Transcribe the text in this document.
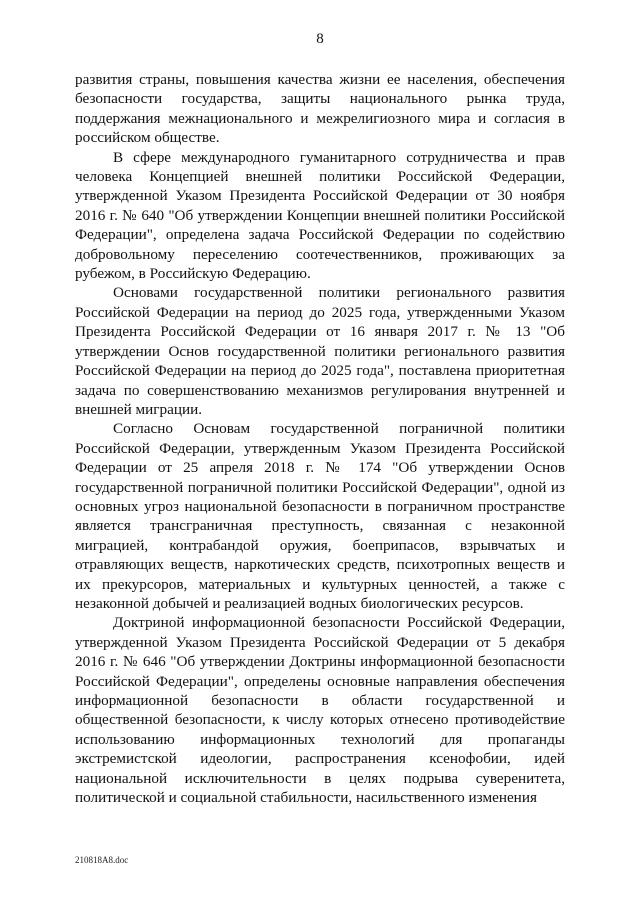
8

развития страны, повышения качества жизни ее населения, обеспечения безопасности государства, защиты национального рынка труда, поддержания межнационального и межрелигиозного мира и согласия в российском обществе.

В сфере международного гуманитарного сотрудничества и прав человека Концепцией внешней политики Российской Федерации, утвержденной Указом Президента Российской Федерации от 30 ноября 2016 г. № 640 "Об утверждении Концепции внешней политики Российской Федерации", определена задача Российской Федерации по содействию добровольному переселению соотечественников, проживающих за рубежом, в Российскую Федерацию.

Основами государственной политики регионального развития Российской Федерации на период до 2025 года, утвержденными Указом Президента Российской Федерации от 16 января 2017 г. № 13 "Об утверждении Основ государственной политики регионального развития Российской Федерации на период до 2025 года", поставлена приоритетная задача по совершенствованию механизмов регулирования внутренней и внешней миграции.

Согласно Основам государственной пограничной политики Российской Федерации, утвержденным Указом Президента Российской Федерации от 25 апреля 2018 г. № 174 "Об утверждении Основ государственной пограничной политики Российской Федерации", одной из основных угроз национальной безопасности в пограничном пространстве является трансграничная преступность, связанная с незаконной миграцией, контрабандой оружия, боеприпасов, взрывчатых и отравляющих веществ, наркотических средств, психотропных веществ и их прекурсоров, материальных и культурных ценностей, а также с незаконной добычей и реализацией водных биологических ресурсов.

Доктриной информационной безопасности Российской Федерации, утвержденной Указом Президента Российской Федерации от 5 декабря 2016 г. № 646 "Об утверждении Доктрины информационной безопасности Российской Федерации", определены основные направления обеспечения информационной безопасности в области государственной и общественной безопасности, к числу которых отнесено противодействие использованию информационных технологий для пропаганды экстремистской идеологии, распространения ксенофобии, идей национальной исключительности в целях подрыва суверенитета, политической и социальной стабильности, насильственного изменения

210818A8.doc
